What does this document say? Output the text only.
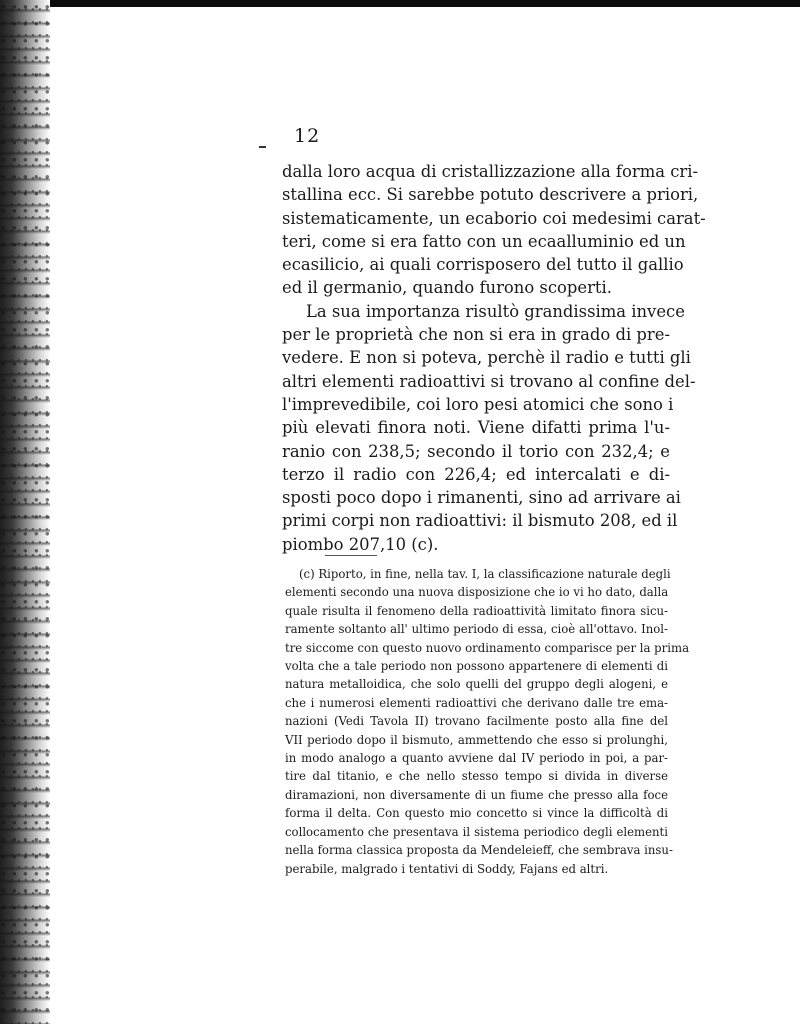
12
dalla loro acqua di cristallizzazione alla forma cri-
stallina ecc. Si sarebbe potuto descrivere a priori,
sistematicamente, un ecaborio coi medesimi carat-
teri, come si era fatto con un ecaalluminio ed un
ecasilicio, ai quali corrisposero del tutto il gallio
ed il germanio, quando furono scoperti.
La sua importanza risultò grandissima invece
per le proprietà che non si era in grado di pre-
vedere. E non si poteva, perchè il radio e tutti gli
altri elementi radioattivi si trovano al confine del-
l'imprevedibile, coi loro pesi atomici che sono i
più elevati finora noti. Viene difatti prima l'u-
ranio con 238,5; secondo il torio con 232,4; e
terzo il radio con 226,4; ed intercalati e di-
sposti poco dopo i rimanenti, sino ad arrivare ai
primi corpi non radioattivi: il bismuto 208, ed il
piombo 207,10 (c).
(c) Riporto, in fine, nella tav. I, la classificazione naturale degli
elementi secondo una nuova disposizione che io vi ho dato, dalla
quale risulta il fenomeno della radioattività limitato finora sicu-
ramente soltanto all' ultimo periodo di essa, cioè all'ottavo. Inol-
tre siccome con questo nuovo ordinamento comparisce per la prima
volta che a tale periodo non possono appartenere di elementi di
natura metalloidica, che solo quelli del gruppo degli alogeni, e
che i numerosi elementi radioattivi che derivano dalle tre ema-
nazioni (Vedi Tavola II) trovano facilmente posto alla fine del
VII periodo dopo il bismuto, ammettendo che esso si prolunghi,
in modo analogo a quanto avviene dal IV periodo in poi, a par-
tire dal titanio, e che nello stesso tempo si divida in diverse
diramazioni, non diversamente di un fiume che presso alla foce
forma il delta. Con questo mio concetto si vince la difficoltà di
collocamento che presentava il sistema periodico degli elementi
nella forma classica proposta da Mendeleieff, che sembrava insu-
perabile, malgrado i tentativi di Soddy, Fajans ed altri.
